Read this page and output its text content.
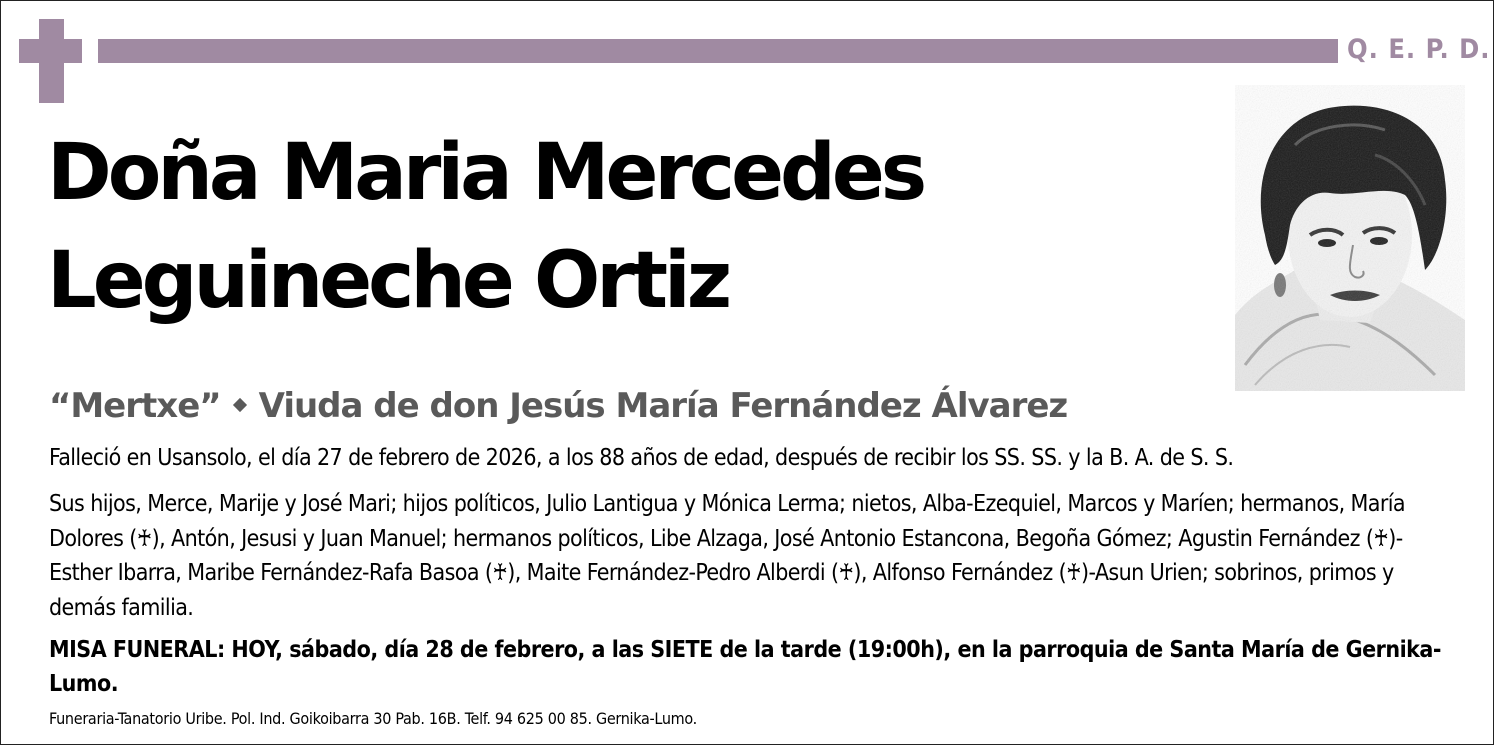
Q. E. P. D.
Doña Maria Mercedes
Leguineche Ortiz
“Mertxe” Viuda de don Jesús María Fernández Álvarez
Falleció en Usansolo, el día 27 de febrero de 2026, a los 88 años de edad, después de recibir los SS. SS. y la B. A. de S. S.
Sus hijos, Merce, Marije y José Mari; hijos políticos, Julio Lantigua y Mónica Lerma; nietos, Alba-Ezequiel, Marcos y Maríen; hermanos, María Dolores (♰), Antón, Jesusi y Juan Manuel; hermanos políticos, Libe Alzaga, José Antonio Estancona, Begoña Gómez; Agustin Fernández (♰)-Esther Ibarra, Maribe Fernández-Rafa Basoa (♰), Maite Fernández-Pedro Alberdi (♰), Alfonso Fernández (♰)-Asun Urien; sobrinos, primos y demás familia.
MISA FUNERAL: HOY, sábado, día 28 de febrero, a las SIETE de la tarde (19:00h), en la parroquia de Santa María de Gernika-Lumo.
Funeraria-Tanatorio Uribe. Pol. Ind. Goikoibarra 30 Pab. 16B. Telf. 94 625 00 85. Gernika-Lumo.
